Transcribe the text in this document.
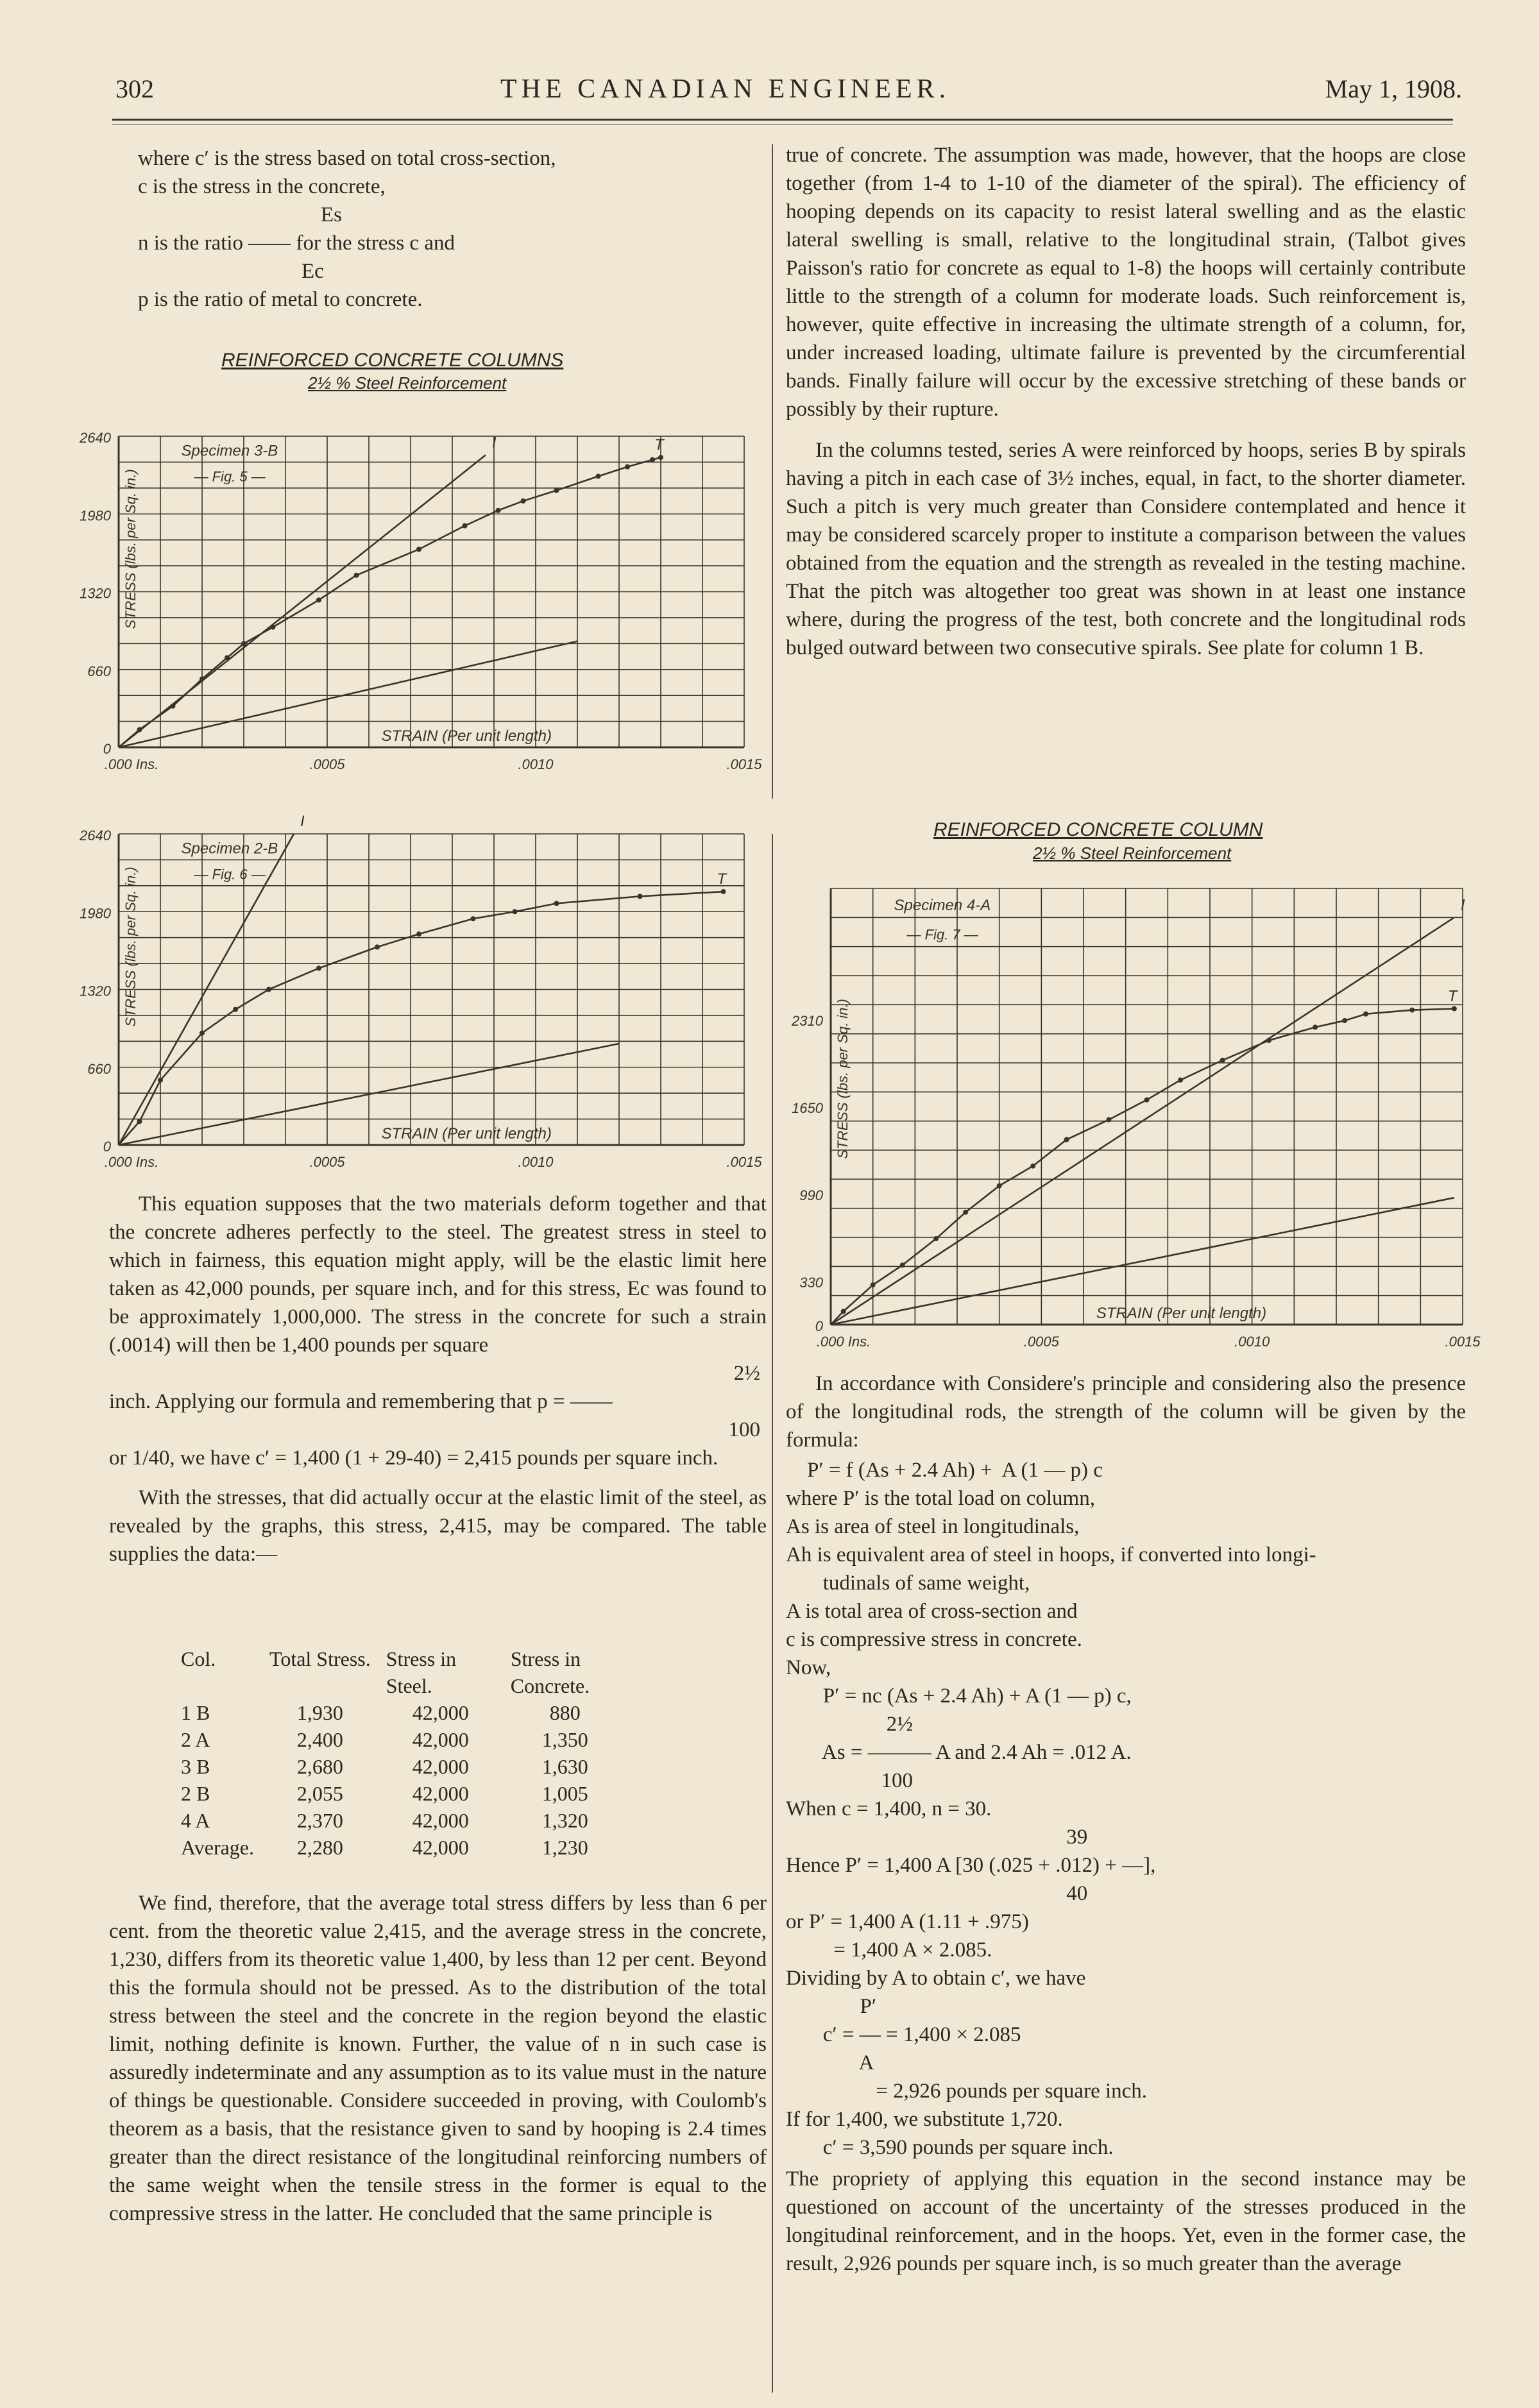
302	THE CANADIAN ENGINEER.	May 1, 1908.

where c′ is the stress based on total cross-section,

c is the stress in the concrete,

Es

n is the ratio —— for the stress c and

Ec

p is the ratio of metal to concrete.

REINFORCED CONCRETE COLUMNS
2½ % Steel Reinforcement
0
660
1320
1980
2640
.000 Ins.	.0005	.0010	.0015
STRESS (lbs. per Sq. in.)
STRAIN (Per unit length)
Specimen 3-B
— Fig. 5 —
T
I
0
660
1320
1980
2640
.000 Ins.	.0005	.0010	.0015
STRESS (lbs. per Sq. in.)
STRAIN (Per unit length)
Specimen 2-B
— Fig. 6 —	T
I

This equation supposes that the two materials deform together and that the concrete adheres perfectly to the steel. The greatest stress in steel to which in fairness, this equation might apply, will be the elastic limit here taken as 42,000 pounds, per square inch, and for this stress, Ec was found to be approximately 1,000,000. The stress in the concrete for such a strain (.0014) will then be 1,400 pounds per square

2½

inch. Applying our formula and remembering that p = ——

100

or 1/40, we have c′ = 1,400 (1 + 29-40) = 2,415 pounds per square inch.

With the stresses, that did actually occur at the elastic limit of the steel, as revealed by the graphs, this stress, 2,415, may be compared. The table supplies the data:—

Col.	Total Stress.	Stress in Steel.	Stress in Concrete.
1 B	1,930	42,000	880
2 A	2,400	42,000	1,350
3 B	2,680	42,000	1,630
2 B	2,055	42,000	1,005
4 A	2,370	42,000	1,320
Average.	2,280	42,000	1,230

We find, therefore, that the average total stress differs by less than 6 per cent. from the theoretic value 2,415, and the average stress in the concrete, 1,230, differs from its theoretic value 1,400, by less than 12 per cent. Beyond this the formula should not be pressed. As to the distribution of the total stress between the steel and the concrete in the region beyond the elastic limit, nothing definite is known. Further, the value of n in such case is assuredly indeterminate and any assumption as to its value must in the nature of things be questionable. Considere succeeded in proving, with Coulomb's theorem as a basis, that the resistance given to sand by hooping is 2.4 times greater than the direct resistance of the longitudinal reinforcing numbers of the same weight when the tensile stress in the former is equal to the compressive stress in the latter. He concluded that the same principle is

true of concrete. The assumption was made, however, that the hoops are close together (from 1-4 to 1-10 of the diameter of the spiral). The efficiency of hooping depends on its capacity to resist lateral swelling and as the elastic lateral swelling is small, relative to the longitudinal strain, (Talbot gives Paisson's ratio for concrete as equal to 1-8) the hoops will certainly contribute little to the strength of a column for moderate loads. Such reinforcement is, however, quite effective in increasing the ultimate strength of a column, for, under increased loading, ultimate failure is prevented by the circumferential bands. Finally failure will occur by the excessive stretching of these bands or possibly by their rupture.

In the columns tested, series A were reinforced by hoops, series B by spirals having a pitch in each case of 3½ inches, equal, in fact, to the shorter diameter. Such a pitch is very much greater than Considere contemplated and hence it may be considered scarcely proper to institute a comparison between the values obtained from the equation and the strength as revealed in the testing machine. That the pitch was altogether too great was shown in at least one instance where, during the progress of the test, both concrete and the longitudinal rods bulged outward between two consecutive spirals. See plate for column 1 B.

REINFORCED CONCRETE COLUMN
2½ % Steel Reinforcement
0
330
990
1650
2310
.000 Ins.	.0005	.0010	.0015
STRESS (lbs. per Sq. in.)
STRAIN (Per unit length)
Specimen 4-A
— Fig. 7 —
T
I

In accordance with Considere's principle and considering also the presence of the longitudinal rods, the strength of the column will be given by the formula:

P′ = f (As + 2.4 Ah) +  A (1 — p) c
where P′ is the total load on column,
As is area of steel in longitudinals,
Ah is equivalent area of steel in hoops, if converted into longi-
tudinals of same weight,
A is total area of cross-section and
c is compressive stress in concrete.
Now,
P′ = nc (As + 2.4 Ah) + A (1 — p) c,
2½
As = ——— A and 2.4 Ah = .012 A.
100
When c = 1,400, n = 30.
39
Hence P′ = 1,400 A [30 (.025 + .012) + —],
40
or P′ = 1,400 A (1.11 + .975)
= 1,400 A × 2.085.
Dividing by A to obtain c′, we have
P′
c′ = — = 1,400 × 2.085
A
= 2,926 pounds per square inch.
If for 1,400, we substitute 1,720.
c′ = 3,590 pounds per square inch.

The propriety of applying this equation in the second instance may be questioned on account of the uncertainty of the stresses produced in the longitudinal reinforcement, and in the hoops. Yet, even in the former case, the result, 2,926 pounds per square inch, is so much greater than the average
